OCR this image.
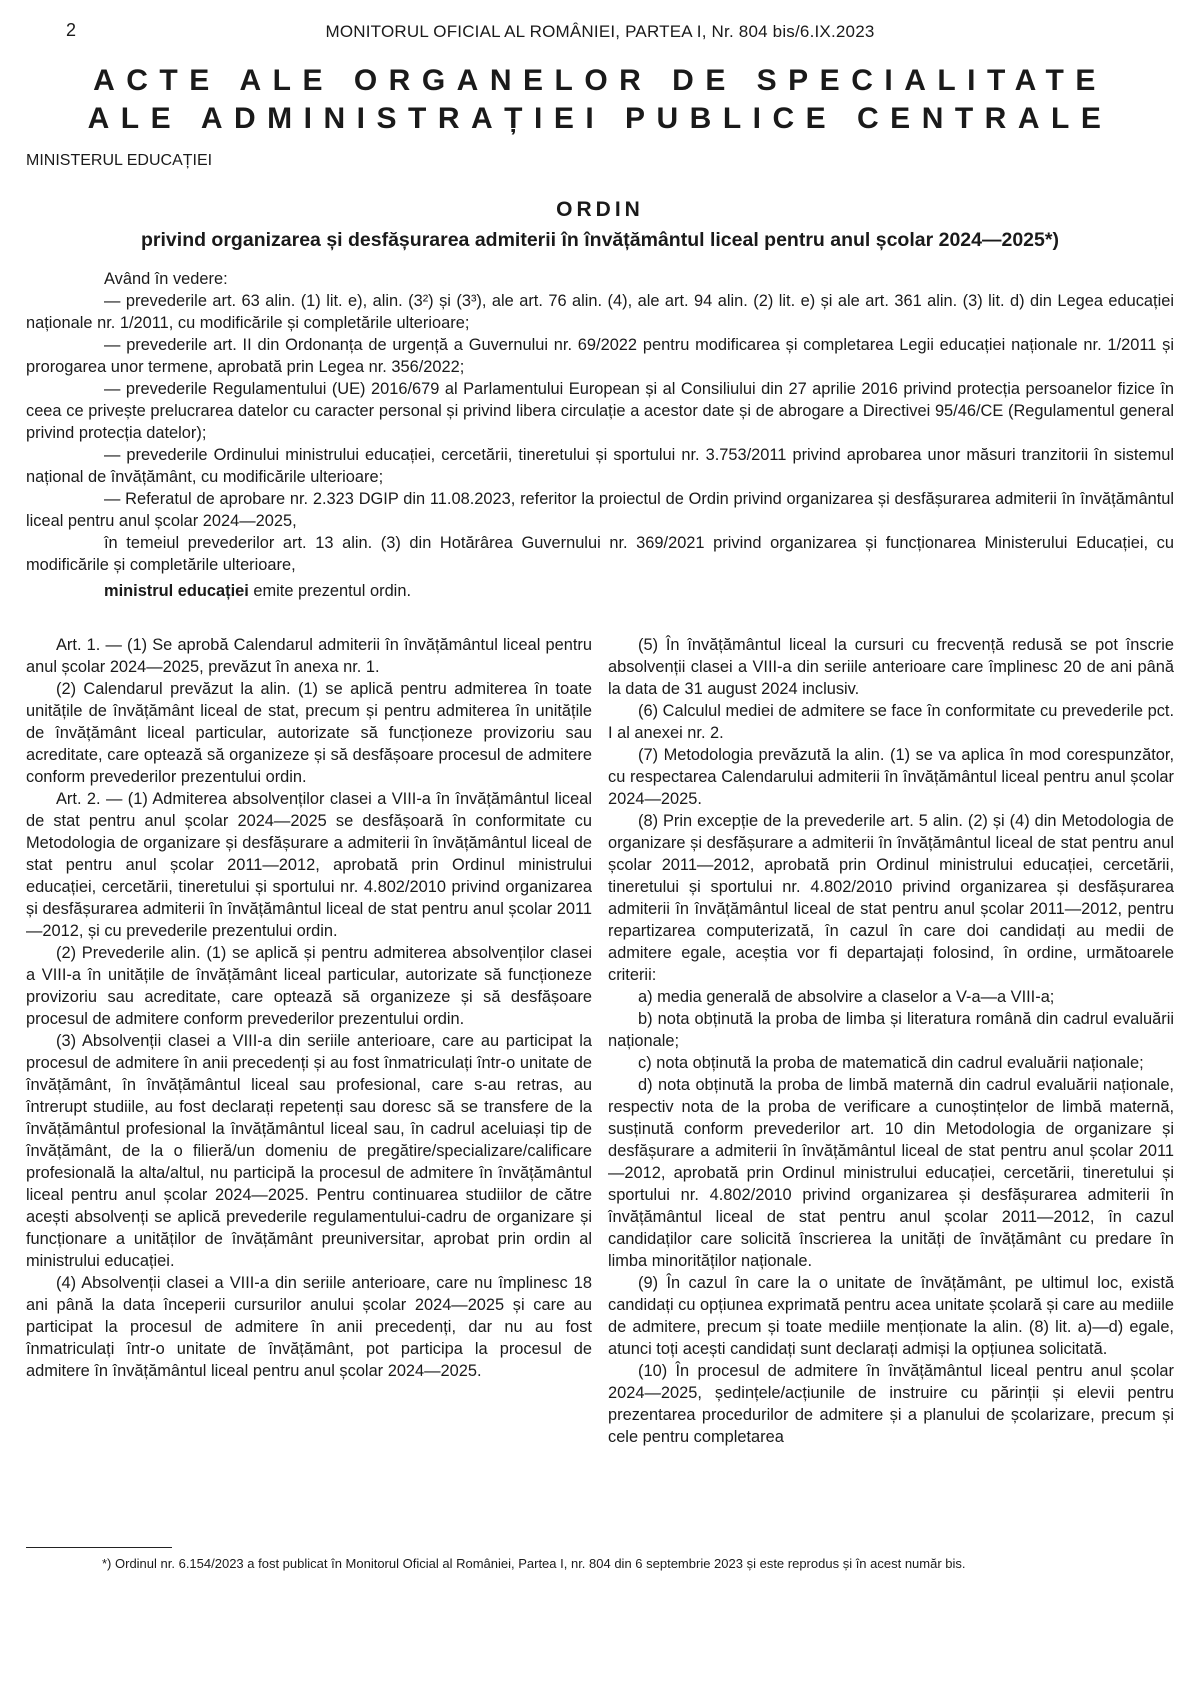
2	MONITORUL OFICIAL AL ROMÂNIEI, PARTEA I, Nr. 804 bis/6.IX.2023
ACTE ALE ORGANELOR DE SPECIALITATE
ALE ADMINISTRAȚIEI PUBLICE CENTRALE
MINISTERUL EDUCAȚIEI
ORDIN
privind organizarea și desfășurarea admiterii în învățământul liceal pentru anul școlar 2024—2025*)

Având în vedere:

— prevederile art. 63 alin. (1) lit. e), alin. (3²) și (3³), ale art. 76 alin. (4), ale art. 94 alin. (2) lit. e) și ale art. 361 alin. (3) lit. d) din Legea educației naționale nr. 1/2011, cu modificările și completările ulterioare;

— prevederile art. II din Ordonanța de urgență a Guvernului nr. 69/2022 pentru modificarea și completarea Legii educației naționale nr. 1/2011 și prorogarea unor termene, aprobată prin Legea nr. 356/2022;

— prevederile Regulamentului (UE) 2016/679 al Parlamentului European și al Consiliului din 27 aprilie 2016 privind protecția persoanelor fizice în ceea ce privește prelucrarea datelor cu caracter personal și privind libera circulație a acestor date și de abrogare a Directivei 95/46/CE (Regulamentul general privind protecția datelor);

— prevederile Ordinului ministrului educației, cercetării, tineretului și sportului nr. 3.753/2011 privind aprobarea unor măsuri tranzitorii în sistemul național de învățământ, cu modificările ulterioare;

— Referatul de aprobare nr. 2.323 DGIP din 11.08.2023, referitor la proiectul de Ordin privind organizarea și desfășurarea admiterii în învățământul liceal pentru anul școlar 2024—2025,

în temeiul prevederilor art. 13 alin. (3) din Hotărârea Guvernului nr. 369/2021 privind organizarea și funcționarea Ministerului Educației, cu modificările și completările ulterioare,

ministrul educației emite prezentul ordin.

Art. 1. — (1) Se aprobă Calendarul admiterii în învățământul liceal pentru anul școlar 2024—2025, prevăzut în anexa nr. 1.

(2) Calendarul prevăzut la alin. (1) se aplică pentru admiterea în toate unitățile de învățământ liceal de stat, precum și pentru admiterea în unitățile de învățământ liceal particular, autorizate să funcționeze provizoriu sau acreditate, care optează să organizeze și să desfășoare procesul de admitere conform prevederilor prezentului ordin.

Art. 2. — (1) Admiterea absolvenților clasei a VIII-a în învățământul liceal de stat pentru anul școlar 2024—2025 se desfășoară în conformitate cu Metodologia de organizare și desfășurare a admiterii în învățământul liceal de stat pentru anul școlar 2011—2012, aprobată prin Ordinul ministrului educației, cercetării, tineretului și sportului nr. 4.802/2010 privind organizarea și desfășurarea admiterii în învățământul liceal de stat pentru anul școlar 2011—2012, și cu prevederile prezentului ordin.

(2) Prevederile alin. (1) se aplică și pentru admiterea absolvenților clasei a VIII-a în unitățile de învățământ liceal particular, autorizate să funcționeze provizoriu sau acreditate, care optează să organizeze și să desfășoare procesul de admitere conform prevederilor prezentului ordin.

(3) Absolvenții clasei a VIII-a din seriile anterioare, care au participat la procesul de admitere în anii precedenți și au fost înmatriculați într-o unitate de învățământ, în învățământul liceal sau profesional, care s-au retras, au întrerupt studiile, au fost declarați repetenți sau doresc să se transfere de la învățământul profesional la învățământul liceal sau, în cadrul aceluiași tip de învățământ, de la o filieră/un domeniu de pregătire/specializare/calificare profesională la alta/altul, nu participă la procesul de admitere în învățământul liceal pentru anul școlar 2024—2025. Pentru continuarea studiilor de către acești absolvenți se aplică prevederile regulamentului-cadru de organizare și funcționare a unităților de învățământ preuniversitar, aprobat prin ordin al ministrului educației.

(4) Absolvenții clasei a VIII-a din seriile anterioare, care nu împlinesc 18 ani până la data începerii cursurilor anului școlar 2024—2025 și care au participat la procesul de admitere în anii precedenți, dar nu au fost înmatriculați într-o unitate de învățământ, pot participa la procesul de admitere în învățământul liceal pentru anul școlar 2024—2025.

(5) În învățământul liceal la cursuri cu frecvență redusă se pot înscrie absolvenții clasei a VIII-a din seriile anterioare care împlinesc 20 de ani până la data de 31 august 2024 inclusiv.

(6) Calculul mediei de admitere se face în conformitate cu prevederile pct. I al anexei nr. 2.

(7) Metodologia prevăzută la alin. (1) se va aplica în mod corespunzător, cu respectarea Calendarului admiterii în învățământul liceal pentru anul școlar 2024—2025.

(8) Prin excepție de la prevederile art. 5 alin. (2) și (4) din Metodologia de organizare și desfășurare a admiterii în învățământul liceal de stat pentru anul școlar 2011—2012, aprobată prin Ordinul ministrului educației, cercetării, tineretului și sportului nr. 4.802/2010 privind organizarea și desfășurarea admiterii în învățământul liceal de stat pentru anul școlar 2011—2012, pentru repartizarea computerizată, în cazul în care doi candidați au medii de admitere egale, aceștia vor fi departajați folosind, în ordine, următoarele criterii:

a) media generală de absolvire a claselor a V-a—a VIII-a;

b) nota obținută la proba de limba și literatura română din cadrul evaluării naționale;

c) nota obținută la proba de matematică din cadrul evaluării naționale;

d) nota obținută la proba de limbă maternă din cadrul evaluării naționale, respectiv nota de la proba de verificare a cunoștințelor de limbă maternă, susținută conform prevederilor art. 10 din Metodologia de organizare și desfășurare a admiterii în învățământul liceal de stat pentru anul școlar 2011—2012, aprobată prin Ordinul ministrului educației, cercetării, tineretului și sportului nr. 4.802/2010 privind organizarea și desfășurarea admiterii în învățământul liceal de stat pentru anul școlar 2011—2012, în cazul candidaților care solicită înscrierea la unități de învățământ cu predare în limba minorităților naționale.

(9) În cazul în care la o unitate de învățământ, pe ultimul loc, există candidați cu opțiunea exprimată pentru acea unitate școlară și care au mediile de admitere, precum și toate mediile menționate la alin. (8) lit. a)—d) egale, atunci toți acești candidați sunt declarați admiși la opțiunea solicitată.

(10) În procesul de admitere în învățământul liceal pentru anul școlar 2024—2025, ședințele/acțiunile de instruire cu părinții și elevii pentru prezentarea procedurilor de admitere și a planului de școlarizare, precum și cele pentru completarea

*) Ordinul nr. 6.154/2023 a fost publicat în Monitorul Oficial al României, Partea I, nr. 804 din 6 septembrie 2023 și este reprodus și în acest număr bis.
